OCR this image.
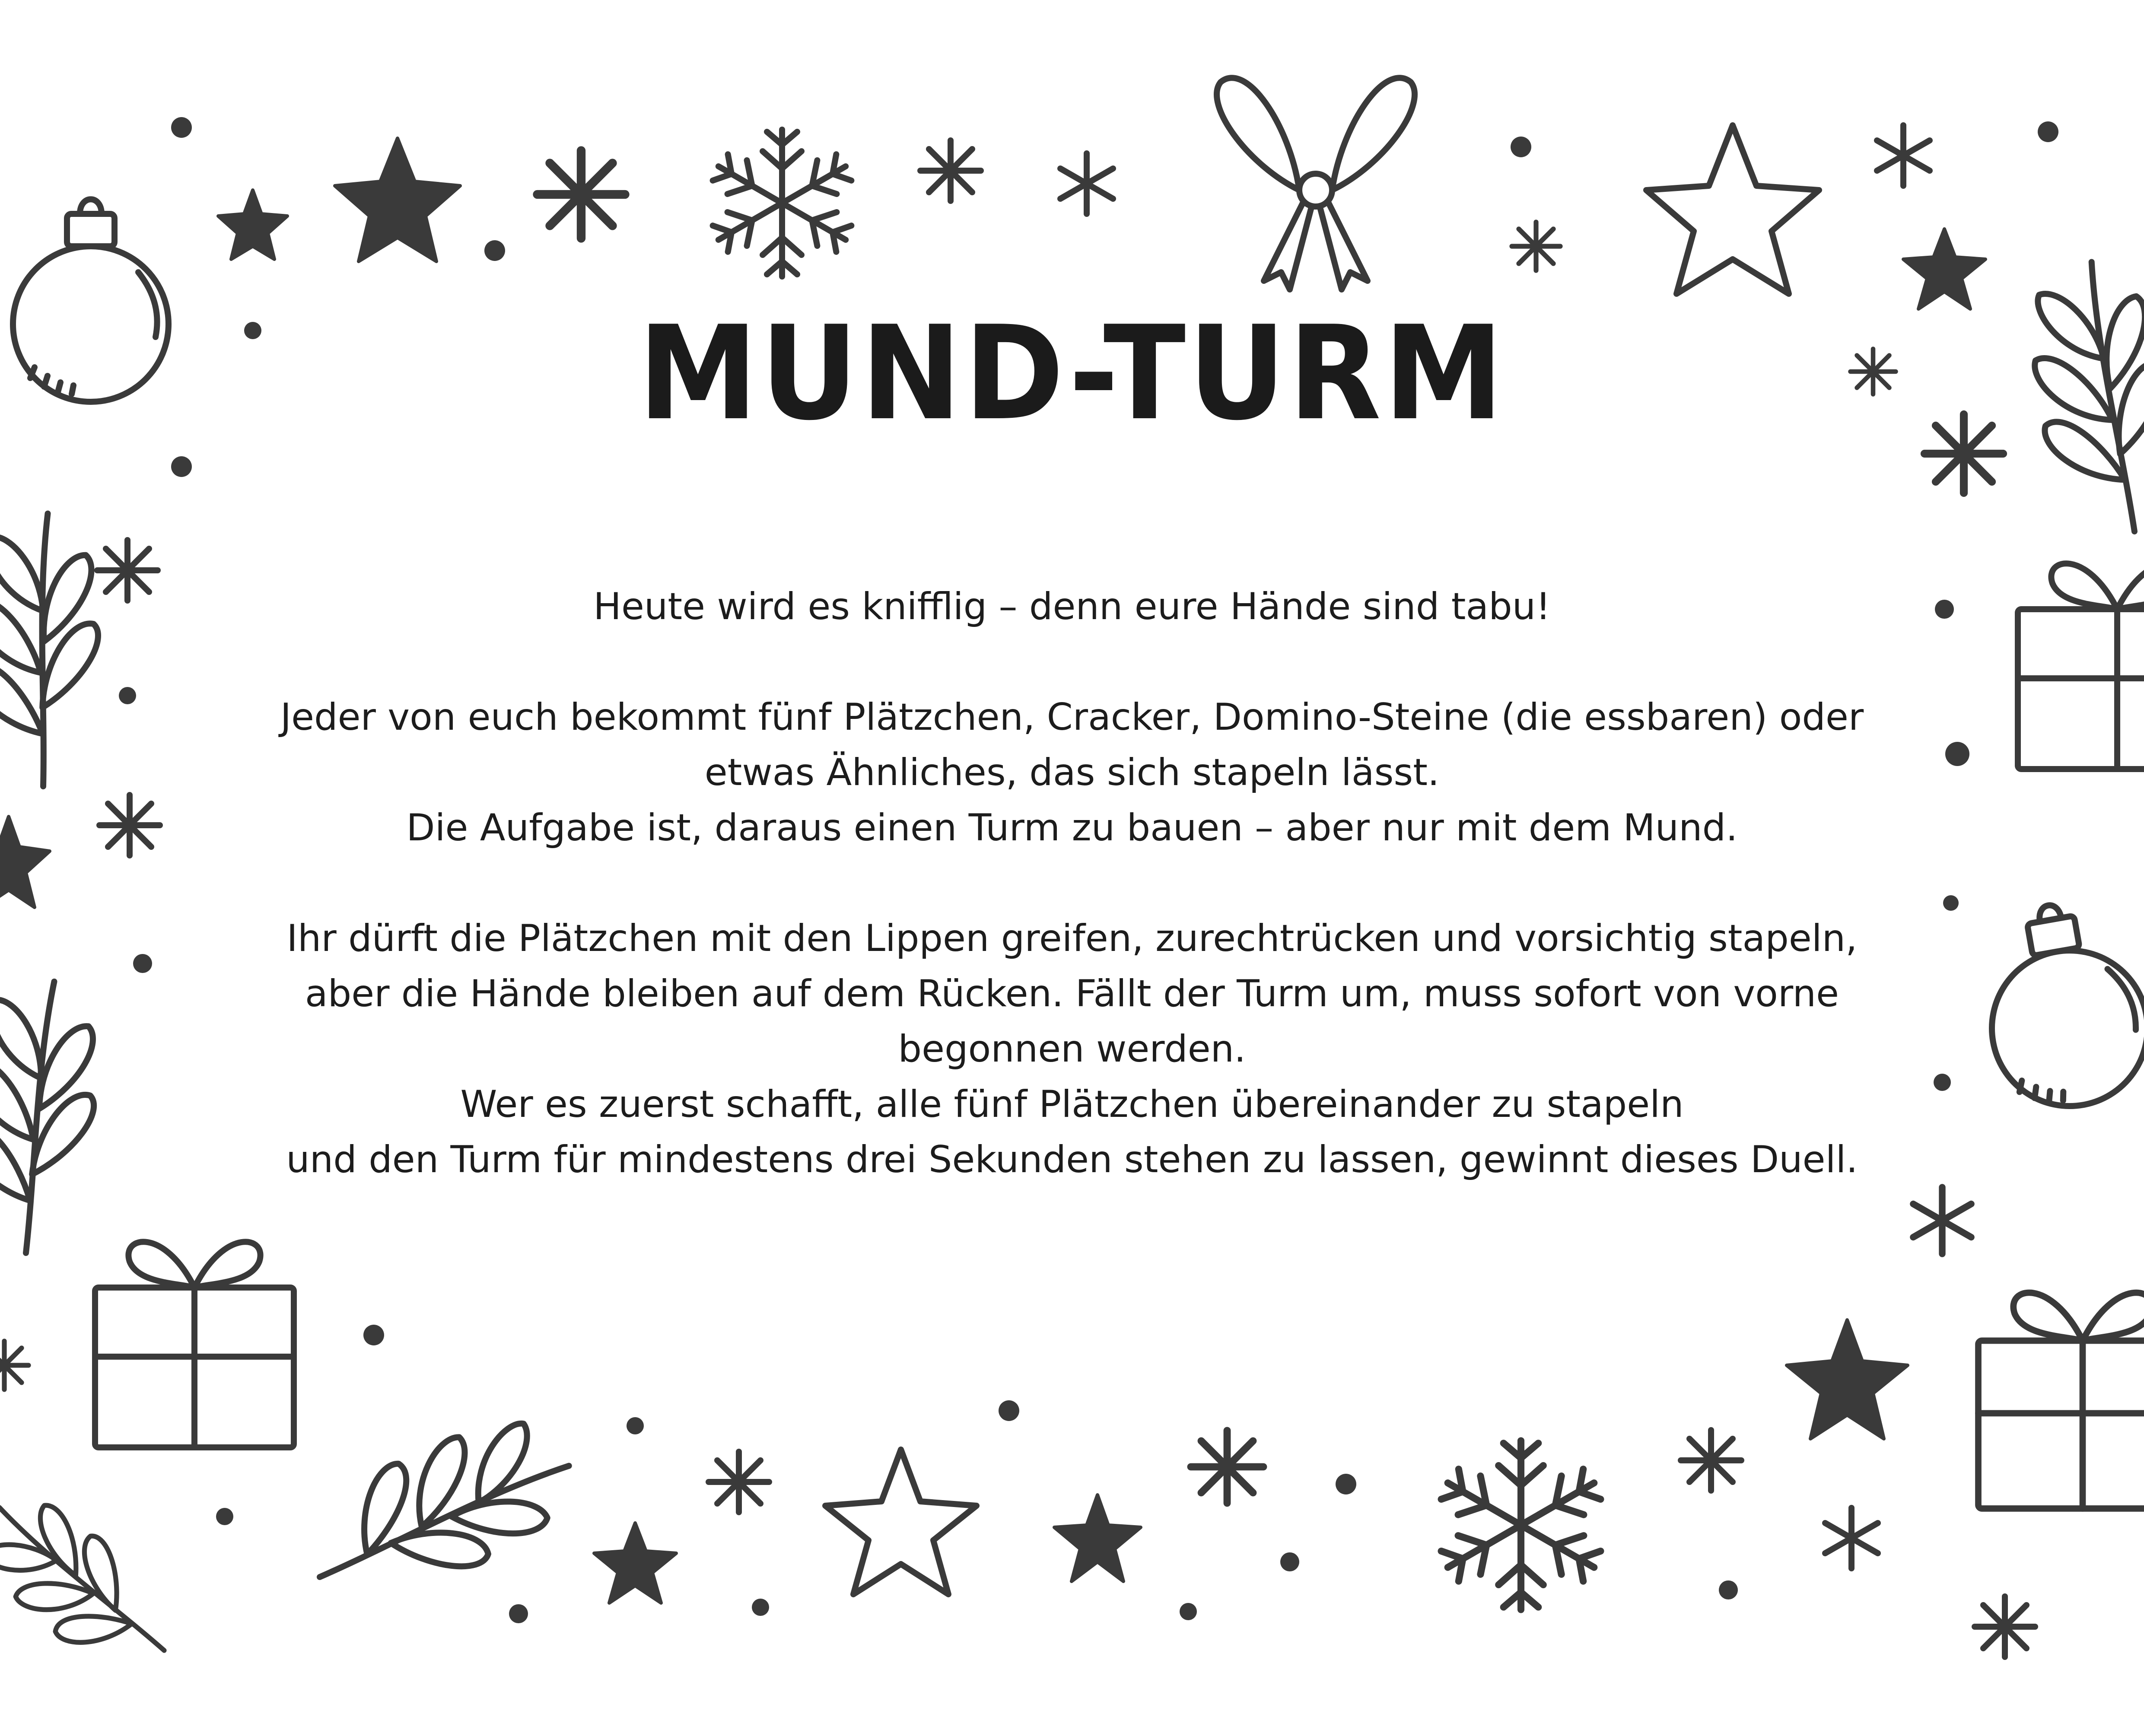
MUND-TURM

Heute wird es knifflig – denn eure Hände sind tabu!

Jeder von euch bekommt fünf Plätzchen, Cracker, Domino-Steine (die essbaren) oder

etwas Ähnliches, das sich stapeln lässt.

Die Aufgabe ist, daraus einen Turm zu bauen – aber nur mit dem Mund.

Ihr dürft die Plätzchen mit den Lippen greifen, zurechtrücken und vorsichtig stapeln,

aber die Hände bleiben auf dem Rücken. Fällt der Turm um, muss sofort von vorne

begonnen werden.

Wer es zuerst schafft, alle fünf Plätzchen übereinander zu stapeln

und den Turm für mindestens drei Sekunden stehen zu lassen, gewinnt dieses Duell.
